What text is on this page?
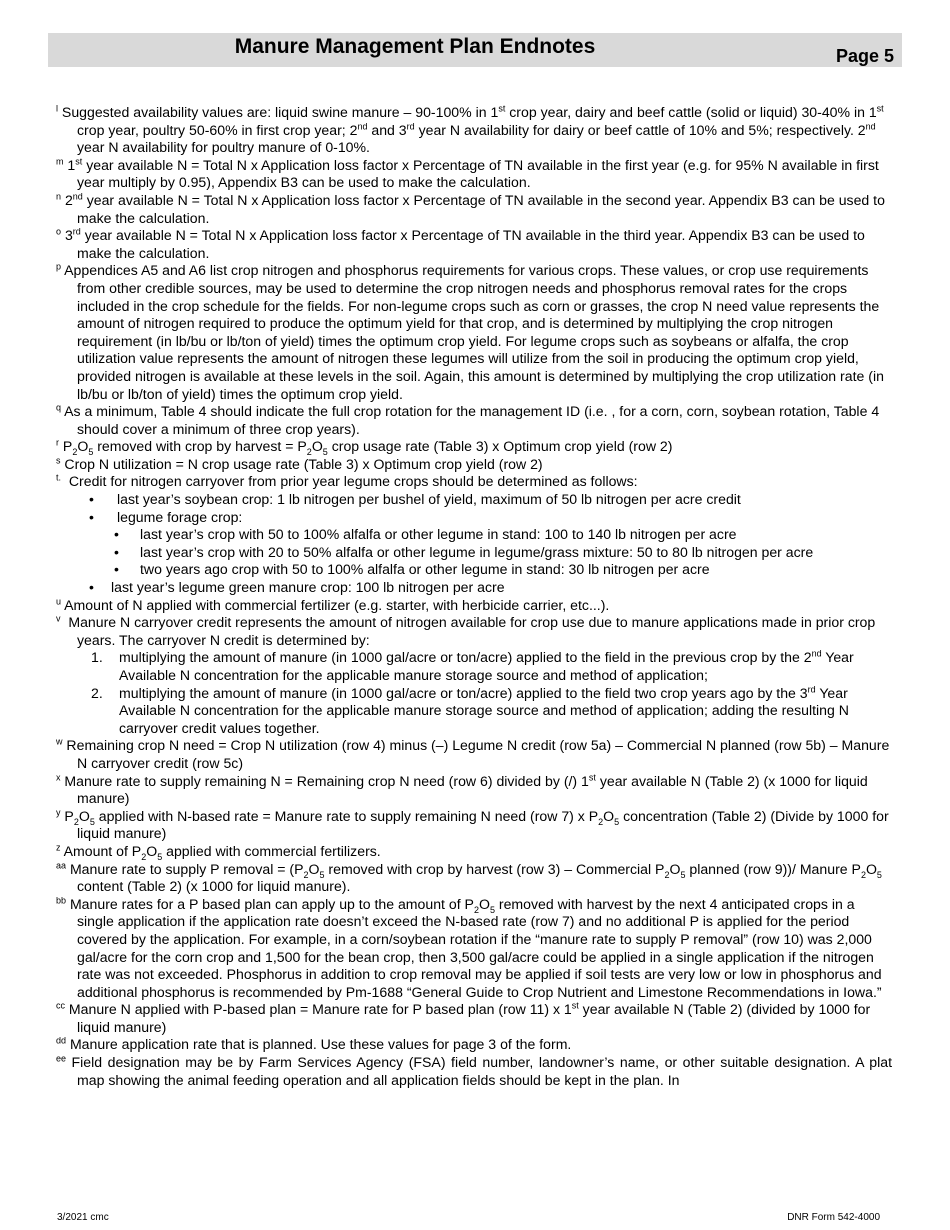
Manure Management Plan Endnotes	Page 5

$^l$ Suggested availability values are: liquid swine manure – 90-100% in 1st crop year, dairy and beef cattle (solid or liquid) 30-40% in 1st crop year, poultry 50-60% in first crop year; 2nd and 3rd year N availability for dairy or beef cattle of 10% and 5%; respectively. 2nd year N availability for poultry manure of 0-10%.

$^m$ 1st year available N = Total N x Application loss factor x Percentage of TN available in the first year (e.g. for 95% N available in first year multiply by 0.95), Appendix B3 can be used to make the calculation.

$^n$ 2nd year available N = Total N x Application loss factor x Percentage of TN available in the second year. Appendix B3 can be used to make the calculation.

$^o$ 3rd year available N = Total N x Application loss factor x Percentage of TN available in the third year. Appendix B3 can be used to make the calculation.

$^p$ Appendices A5 and A6 list crop nitrogen and phosphorus requirements for various crops. These values, or crop use requirements from other credible sources, may be used to determine the crop nitrogen needs and phosphorus removal rates for the crops included in the crop schedule for the fields. For non-legume crops such as corn or grasses, the crop N need value represents the amount of nitrogen required to produce the optimum yield for that crop, and is determined by multiplying the crop nitrogen requirement (in lb/bu or lb/ton of yield) times the optimum crop yield. For legume crops such as soybeans or alfalfa, the crop utilization value represents the amount of nitrogen these legumes will utilize from the soil in producing the optimum crop yield, provided nitrogen is available at these levels in the soil. Again, this amount is determined by multiplying the crop utilization rate (in lb/bu or lb/ton of yield) times the optimum crop yield.

$^q$ As a minimum, Table 4 should indicate the full crop rotation for the management ID (i.e. , for a corn, corn, soybean rotation, Table 4 should cover a minimum of three crop years).

$^r$ $P_2O_5$ removed with crop by harvest = $P_2O_5$ crop usage rate (Table 3) x Optimum crop yield (row 2)

$^s$ Crop N utilization = N crop usage rate (Table 3) x Optimum crop yield (row 2)

$^{t.}$ Credit for nitrogen carryover from prior year legume crops should be determined as follows:

• last year’s soybean crop: 1 lb nitrogen per bushel of yield, maximum of 50 lb nitrogen per acre credit
• legume forage crop:
• last year’s crop with 50 to 100% alfalfa or other legume in stand: 100 to 140 lb nitrogen per acre
• last year’s crop with 20 to 50% alfalfa or other legume in legume/grass mixture: 50 to 80 lb nitrogen per acre
• two years ago crop with 50 to 100% alfalfa or other legume in stand: 30 lb nitrogen per acre
• last year’s legume green manure crop: 100 lb nitrogen per acre

$^u$ Amount of N applied with commercial fertilizer (e.g. starter, with herbicide carrier, etc...).

$^v$ Manure N carryover credit represents the amount of nitrogen available for crop use due to manure applications made in prior crop years. The carryover N credit is determined by:

1. multiplying the amount of manure (in 1000 gal/acre or ton/acre) applied to the field in the previous crop by the 2nd Year Available N concentration for the applicable manure storage source and method of application;
2. multiplying the amount of manure (in 1000 gal/acre or ton/acre) applied to the field two crop years ago by the 3rd Year Available N concentration for the applicable manure storage source and method of application; adding the resulting N carryover credit values together.

$^w$ Remaining crop N need = Crop N utilization (row 4) minus (–) Legume N credit (row 5a) – Commercial N planned (row 5b) – Manure N carryover credit (row 5c)

$^x$ Manure rate to supply remaining N = Remaining crop N need (row 6) divided by (/) 1st year available N (Table 2) (x 1000 for liquid manure)

$^y$ $P_2O_5$ applied with N-based rate = Manure rate to supply remaining N need (row 7) x $P_2O_5$ concentration (Table 2) (Divide by 1000 for liquid manure)

$^z$ Amount of $P_2O_5$ applied with commercial fertilizers.

$^{aa}$ Manure rate to supply P removal = ($P_2O_5$ removed with crop by harvest (row 3) – Commercial $P_2O_5$ planned (row 9))/ Manure $P_2O_5$ content (Table 2) (x 1000 for liquid manure).

$^{bb}$ Manure rates for a P based plan can apply up to the amount of $P_2O_5$ removed with harvest by the next 4 anticipated crops in a single application if the application rate doesn’t exceed the N-based rate (row 7) and no additional P is applied for the period covered by the application. For example, in a corn/soybean rotation if the “manure rate to supply P removal” (row 10) was 2,000 gal/acre for the corn crop and 1,500 for the bean crop, then 3,500 gal/acre could be applied in a single application if the nitrogen rate was not exceeded. Phosphorus in addition to crop removal may be applied if soil tests are very low or low in phosphorus and additional phosphorus is recommended by Pm-1688 “General Guide to Crop Nutrient and Limestone Recommendations in Iowa.”

$^{cc}$ Manure N applied with P-based plan = Manure rate for P based plan (row 11) x 1st year available N (Table 2) (divided by 1000 for liquid manure)

$^{dd}$ Manure application rate that is planned. Use these values for page 3 of the form.

$^{ee}$ Field designation may be by Farm Services Agency (FSA) field number, landowner’s name, or other suitable designation. A plat map showing the animal feeding operation and all application fields should be kept in the plan. In

3/2021 cmc	DNR Form 542-4000
